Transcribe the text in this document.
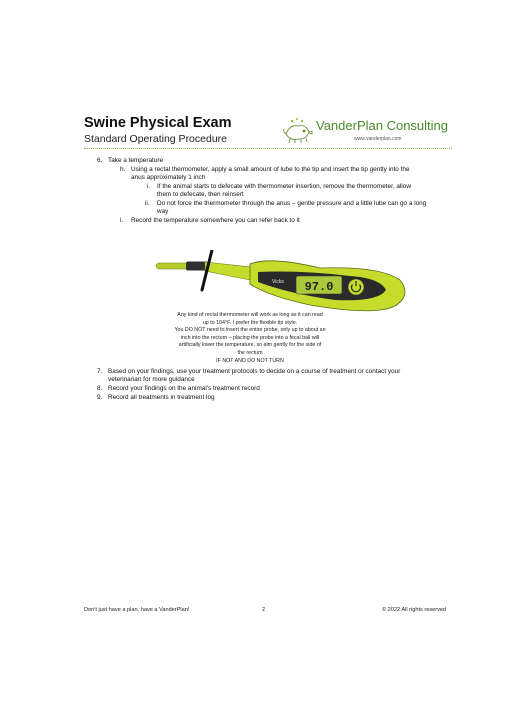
Swine Physical Exam
Standard Operating Procedure
VanderPlan Consulting
www.vanderplan.com
6. Take a temperature
h. Using a rectal thermometer, apply a small amount of lube to the tip and insert the tip gently into the
anus approximately 1 inch
i. If the animal starts to defecate with thermometer insertion, remove the thermometer, allow
them to defecate, then reinsert
ii. Do not force the thermometer through the anus – gentle pressure and a little lube can go a long
way
i. Record the temperature somewhere you can refer back to it
97.0
Vicks
Any kind of rectal thermometer will work as long as it can read
up to 104°F. I prefer the flexible tip style.
You DO NOT need to insert the entire probe, only up to about an
inch into the rectum – placing the probe into a fecal ball will
artificially lower the temperature, so aim gently for the side of
the rectum
IF NOT AND DO NOT TURN
7. Based on your findings, use your treatment protocols to decide on a course of treatment or contact your
veterinarian for more guidance
8. Record your findings on the animal's treatment record
9. Record all treatments in treatment log
Don't just have a plan, have a VanderPlan!	2	© 2022 All rights reserved
